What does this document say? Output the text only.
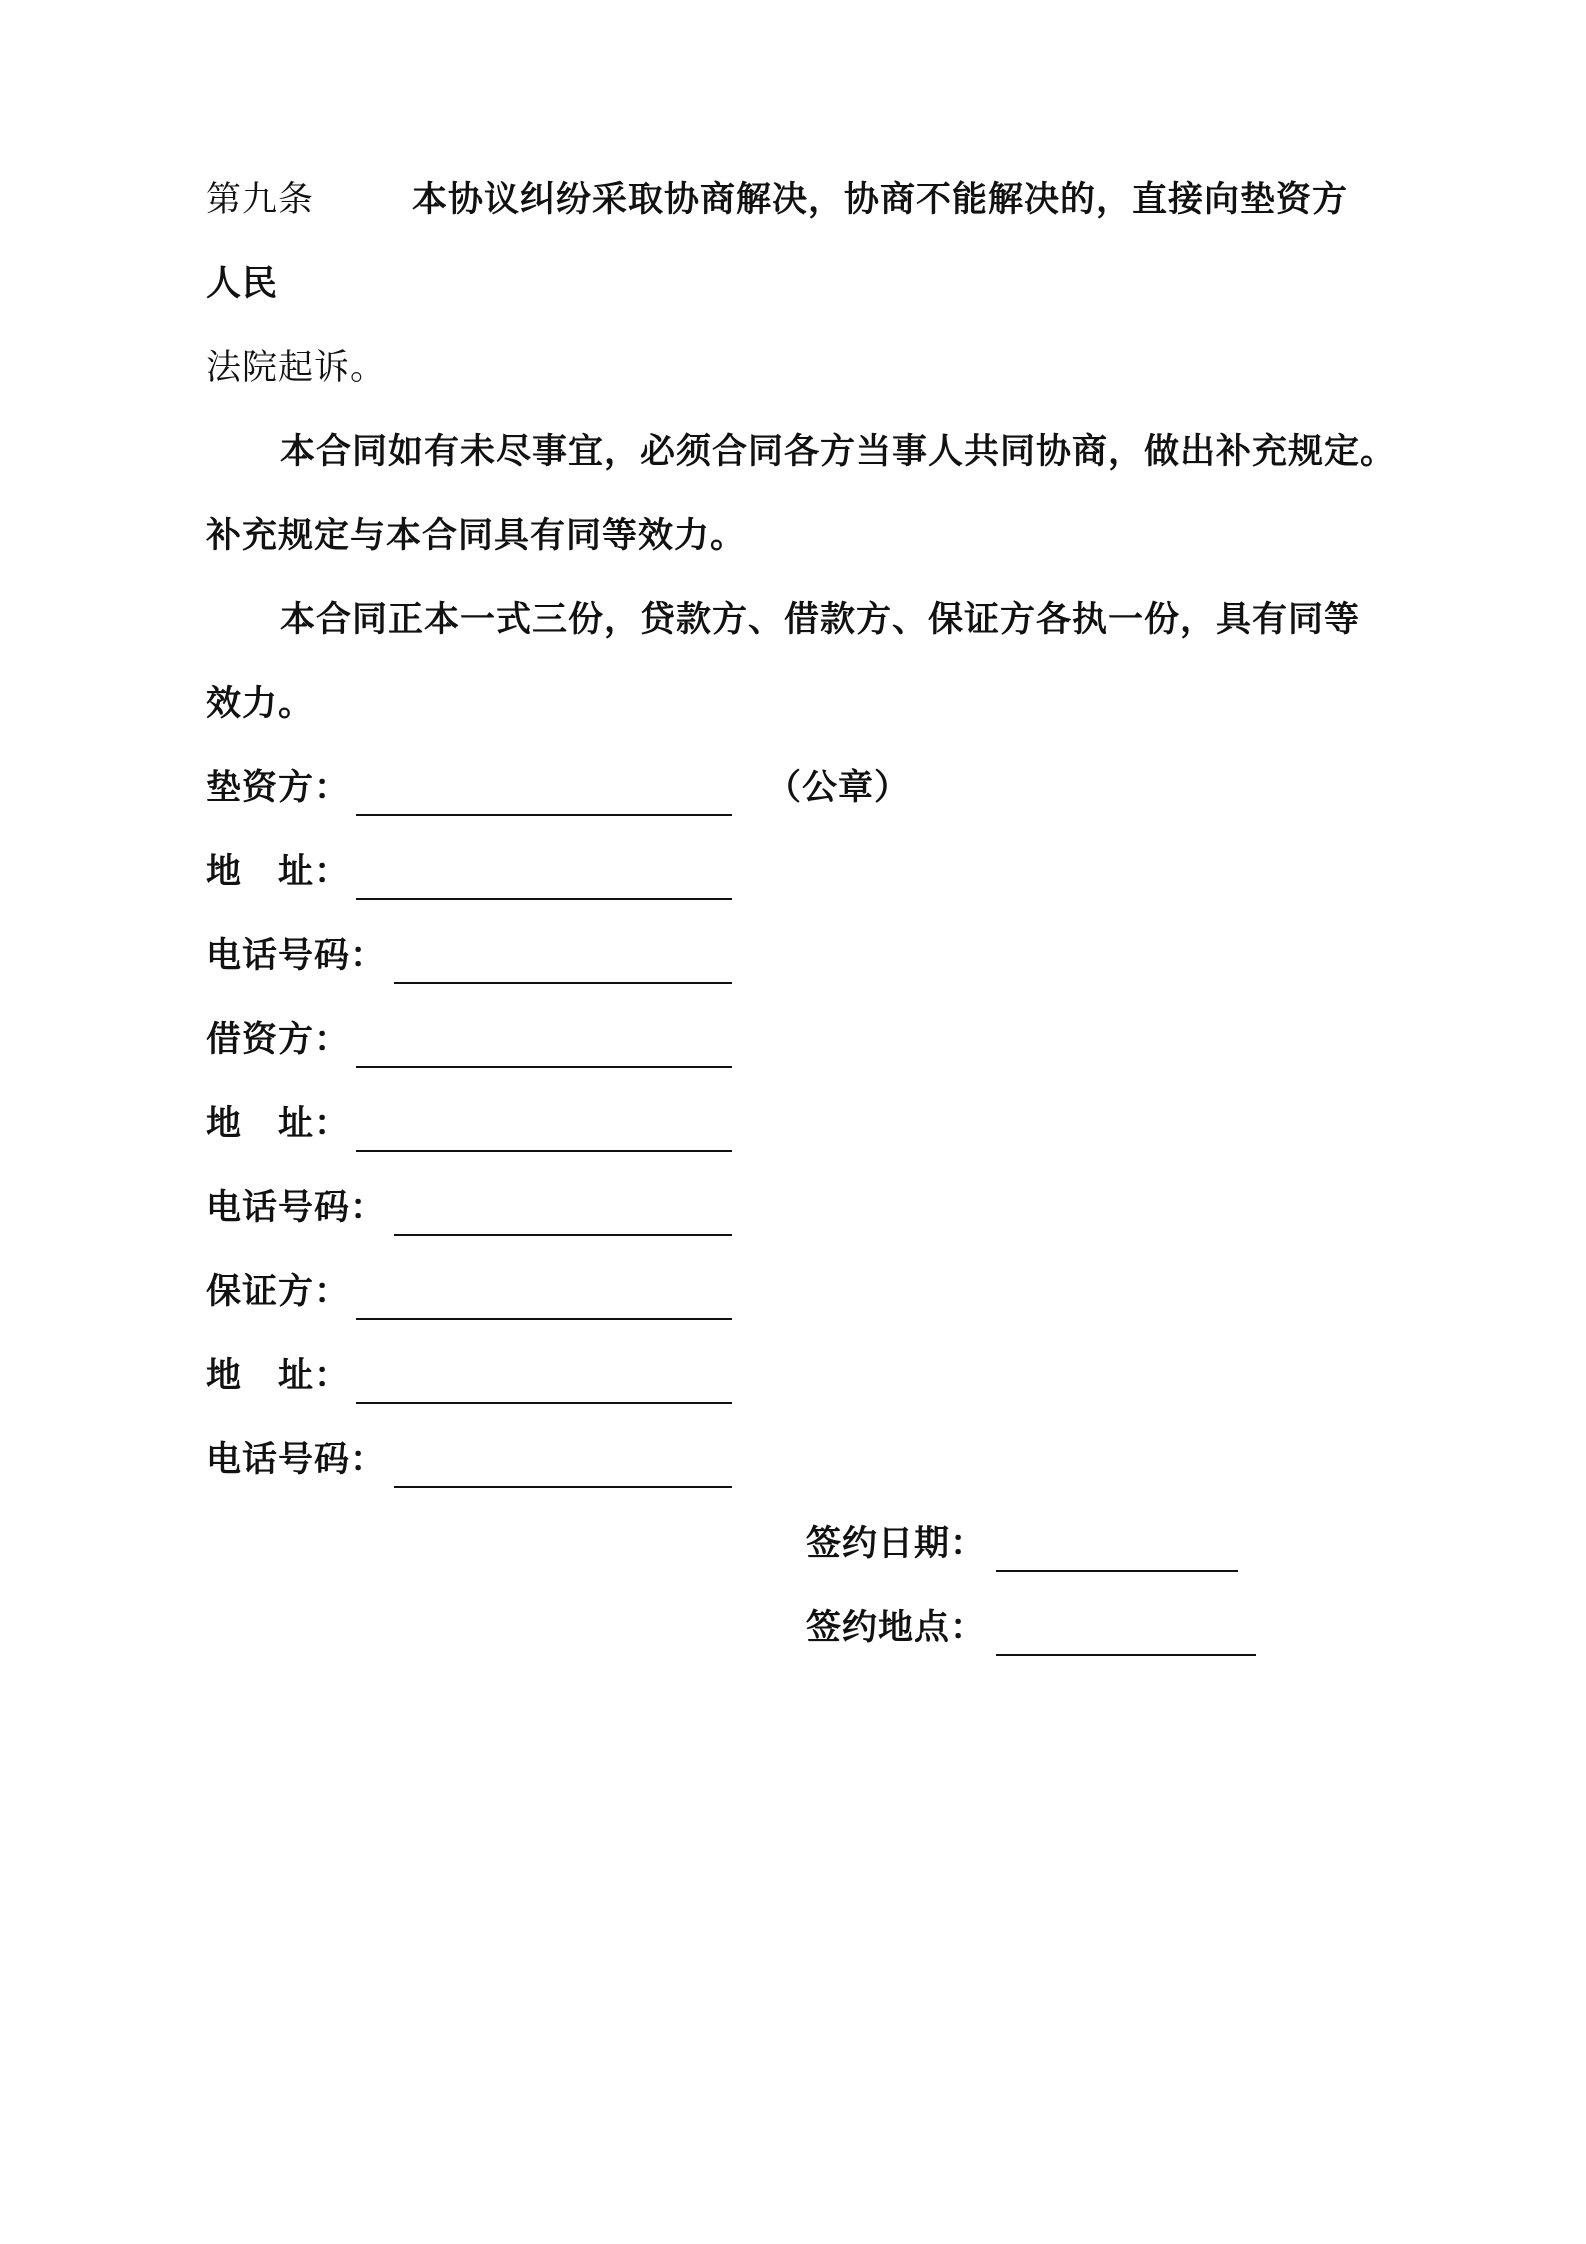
第九条	本协议纠纷采取协商解决，协商不能解决的，直接向垫资方
人民
法院起诉。
本合同如有未尽事宜，必须合同各方当事人共同协商，做出补充规定。
补充规定与本合同具有同等效力。
本合同正本一式三份，贷款方、借款方、保证方各执一份，具有同等
效力。
垫资方：	（公章）
地　址：
电话号码：
借资方：
地　址：
电话号码：
保证方：
地　址：
电话号码：
签约日期：
签约地点：
